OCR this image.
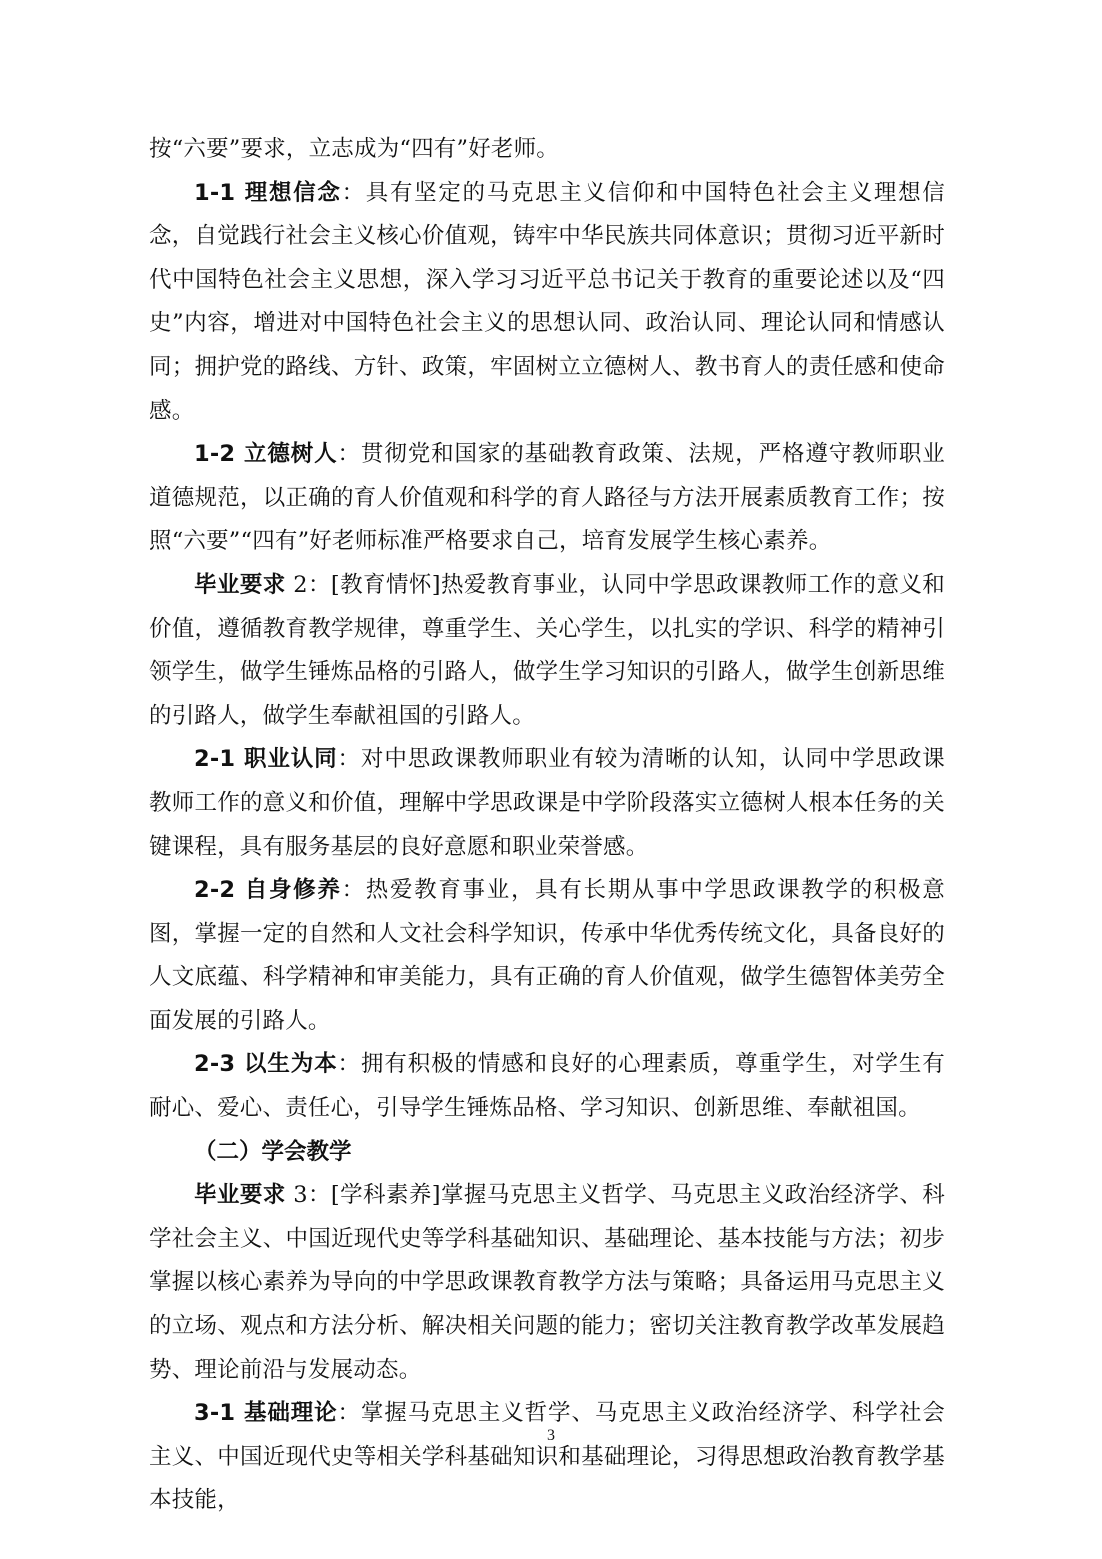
按“六要”要求，立志成为“四有”好老师。

1-1 理想信念：具有坚定的马克思主义信仰和中国特色社会主义理想信念，自觉践行社会主义核心价值观，铸牢中华民族共同体意识；贯彻习近平新时代中国特色社会主义思想，深入学习习近平总书记关于教育的重要论述以及“四史”内容，增进对中国特色社会主义的思想认同、政治认同、理论认同和情感认同；拥护党的路线、方针、政策，牢固树立立德树人、教书育人的责任感和使命感。

1-2 立德树人：贯彻党和国家的基础教育政策、法规，严格遵守教师职业道德规范，以正确的育人价值观和科学的育人路径与方法开展素质教育工作；按照“六要”“四有”好老师标准严格要求自己，培育发展学生核心素养。

毕业要求 2：[教育情怀]热爱教育事业，认同中学思政课教师工作的意义和价值，遵循教育教学规律，尊重学生、关心学生，以扎实的学识、科学的精神引领学生，做学生锤炼品格的引路人，做学生学习知识的引路人，做学生创新思维的引路人，做学生奉献祖国的引路人。

2-1 职业认同：对中思政课教师职业有较为清晰的认知，认同中学思政课教师工作的意义和价值，理解中学思政课是中学阶段落实立德树人根本任务的关键课程，具有服务基层的良好意愿和职业荣誉感。

2-2 自身修养：热爱教育事业，具有长期从事中学思政课教学的积极意图，掌握一定的自然和人文社会科学知识，传承中华优秀传统文化，具备良好的人文底蕴、科学精神和审美能力，具有正确的育人价值观，做学生德智体美劳全面发展的引路人。

2-3 以生为本：拥有积极的情感和良好的心理素质，尊重学生，对学生有耐心、爱心、责任心，引导学生锤炼品格、学习知识、创新思维、奉献祖国。

（二）学会教学

毕业要求 3：[学科素养]掌握马克思主义哲学、马克思主义政治经济学、科学社会主义、中国近现代史等学科基础知识、基础理论、基本技能与方法；初步掌握以核心素养为导向的中学思政课教育教学方法与策略；具备运用马克思主义的立场、观点和方法分析、解决相关问题的能力；密切关注教育教学改革发展趋势、理论前沿与发展动态。

3-1 基础理论：掌握马克思主义哲学、马克思主义政治经济学、科学社会主义、中国近现代史等相关学科基础知识和基础理论，习得思想政治教育教学基本技能，

3
